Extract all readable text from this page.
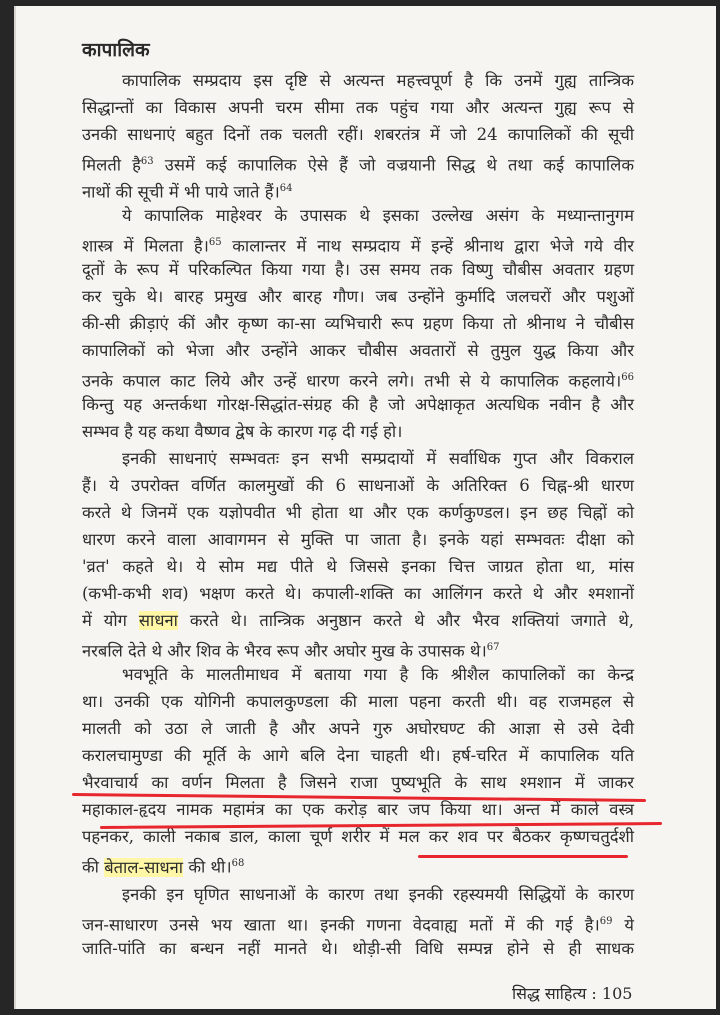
कापालिक
कापालिक सम्प्रदाय इस दृष्टि से अत्यन्त महत्त्वपूर्ण है कि उनमें गुह्य तान्त्रिक
सिद्धान्तों का विकास अपनी चरम सीमा तक पहुंच गया और अत्यन्त गुह्य रूप से
उनकी साधनाएं बहुत दिनों तक चलती रहीं। शबरतंत्र में जो 24 कापालिकों की सूची
मिलती है$^{63}$ उसमें कई कापालिक ऐसे हैं जो वज्रयानी सिद्ध थे तथा कई कापालिक
नाथों की सूची में भी पाये जाते हैं।$^{64}$
ये कापालिक माहेश्वर के उपासक थे इसका उल्लेख असंग के मध्यान्तानुगम
शास्त्र में मिलता है।$^{65}$ कालान्तर में नाथ सम्प्रदाय में इन्हें श्रीनाथ द्वारा भेजे गये वीर
दूतों के रूप में परिकल्पित किया गया है। उस समय तक विष्णु चौबीस अवतार ग्रहण
कर चुके थे। बारह प्रमुख और बारह गौण। जब उन्होंने कुर्मादि जलचरों और पशुओं
की-सी क्रीड़ाएं कीं और कृष्ण का-सा व्यभिचारी रूप ग्रहण किया तो श्रीनाथ ने चौबीस
कापालिकों को भेजा और उन्होंने आकर चौबीस अवतारों से तुमुल युद्ध किया और
उनके कपाल काट लिये और उन्हें धारण करने लगे। तभी से ये कापालिक कहलाये।$^{66}$
किन्तु यह अन्तर्कथा गोरक्ष-सिद्धांत-संग्रह की है जो अपेक्षाकृत अत्यधिक नवीन है और
सम्भव है यह कथा वैष्णव द्वेष के कारण गढ़ दी गई हो।
इनकी साधनाएं सम्भवतः इन सभी सम्प्रदायों में सर्वाधिक गुप्त और विकराल
हैं। ये उपरोक्त वर्णित कालमुखों की 6 साधनाओं के अतिरिक्त 6 चिह्न-श्री धारण
करते थे जिनमें एक यज्ञोपवीत भी होता था और एक कर्णकुण्डल। इन छह चिह्नों को
धारण करने वाला आवागमन से मुक्ति पा जाता है। इनके यहां सम्भवतः दीक्षा को
'व्रत' कहते थे। ये सोम मद्य पीते थे जिससे इनका चित्त जाग्रत होता था, मांस
(कभी-कभी शव) भक्षण करते थे। कपाली-शक्ति का आलिंगन करते थे और श्मशानों
में योग साधना करते थे। तान्त्रिक अनुष्ठान करते थे और भैरव शक्तियां जगाते थे,
नरबलि देते थे और शिव के भैरव रूप और अघोर मुख के उपासक थे।$^{67}$
भवभूति के मालतीमाधव में बताया गया है कि श्रीशैल कापालिकों का केन्द्र
था। उनकी एक योगिनी कपालकुण्डला की माला पहना करती थी। वह राजमहल से
मालती को उठा ले जाती है और अपने गुरु अघोरघण्ट की आज्ञा से उसे देवी
करालचामुण्डा की मूर्ति के आगे बलि देना चाहती थी। हर्ष-चरित में कापालिक यति
भैरवाचार्य का वर्णन मिलता है जिसने राजा पुष्यभूति के साथ श्मशान में जाकर
महाकाल-हृदय नामक महामंत्र का एक करोड़ बार जप किया था। अन्त में काले वस्त्र
पहनकर, काली नकाब डाल, काला चूर्ण शरीर में मल कर शव पर बैठकर कृष्णचतुर्दशी
की बेताल-साधना की थी।$^{68}$
इनकी इन घृणित साधनाओं के कारण तथा इनकी रहस्यमयी सिद्धियों के कारण
जन-साधारण उनसे भय खाता था। इनकी गणना वेदवाह्य मतों में की गई है।$^{69}$ ये
जाति-पांति का बन्धन नहीं मानते थे। थोड़ी-सी विधि सम्पन्न होने से ही साधक
सिद्ध साहित्य : 105
